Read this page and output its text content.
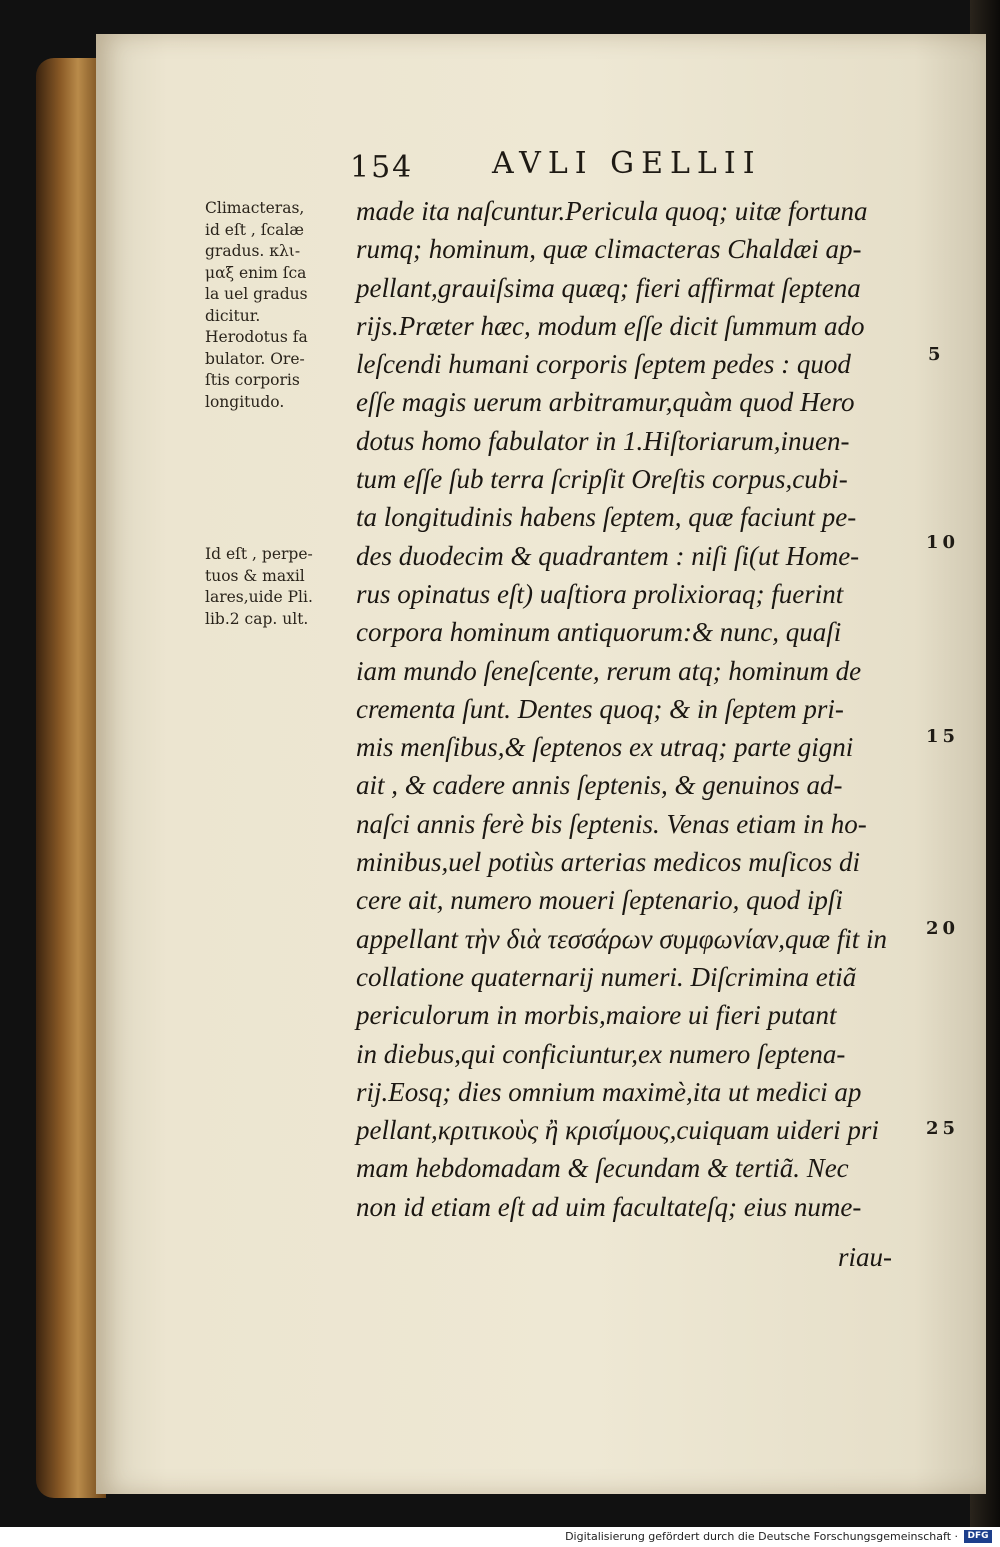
154	AVLI GELLII
Climacteras,
id eſt , ſcalæ
gradus. κλι-
μαξ enim ſca
la uel gradus
dicitur.
Herodotus fa
bulator. Ore-
ſtis corporis
longitudo.
Id eſt , perpe-
tuos & maxil
lares,uide Pli.
lib.2 cap. ult.
made ita naſcuntur.Pericula quoq; uitæ fortuna
rumq; hominum, quæ climacteras Chaldæi ap-
pellant,grauiſsima quæq; fieri affirmat ſeptena
rijs.Præter hæc, modum eſſe dicit ſummum ado
leſcendi humani corporis ſeptem pedes : quod
eſſe magis uerum arbitramur,quàm quod Hero
dotus homo fabulator in 1.Hiſtoriarum,inuen-
tum eſſe ſub terra ſcripſit Oreſtis corpus,cubi-
ta longitudinis habens ſeptem, quæ faciunt pe-
des duodecim & quadrantem : niſi ſi(ut Home-
rus opinatus eſt) uaſtiora prolixioraq; fuerint
corpora hominum antiquorum:& nunc, quaſi
iam mundo ſeneſcente, rerum atq; hominum de
crementa ſunt. Dentes quoq; & in ſeptem pri-
mis menſibus,& ſeptenos ex utraq; parte gigni
ait , & cadere annis ſeptenis, & genuinos ad-
naſci annis ferè bis ſeptenis. Venas etiam in ho-
minibus,uel potiùs arterias medicos muſicos di
cere ait, numero moueri ſeptenario, quod ipſi
appellant τὴν διὰ τεσσάρων συμφωνίαν,quæ fit in
collatione quaternarij numeri. Diſcrimina etiã
periculorum in morbis,maiore ui fieri putant
in diebus,qui conficiuntur,ex numero ſeptena-
rij.Eosq; dies omnium maximè,ita ut medici ap
pellant,κριτικοὺς ἢ κρισίμους,cuiquam uideri pri
mam hebdomadam & ſecundam & tertiã. Nec
non id etiam eſt ad uim facultateſq; eius nume-
riau-
5
10
15
20
25
Digitalisierung gefördert durch die Deutsche Forschungsgemeinschaft ·	DFG
